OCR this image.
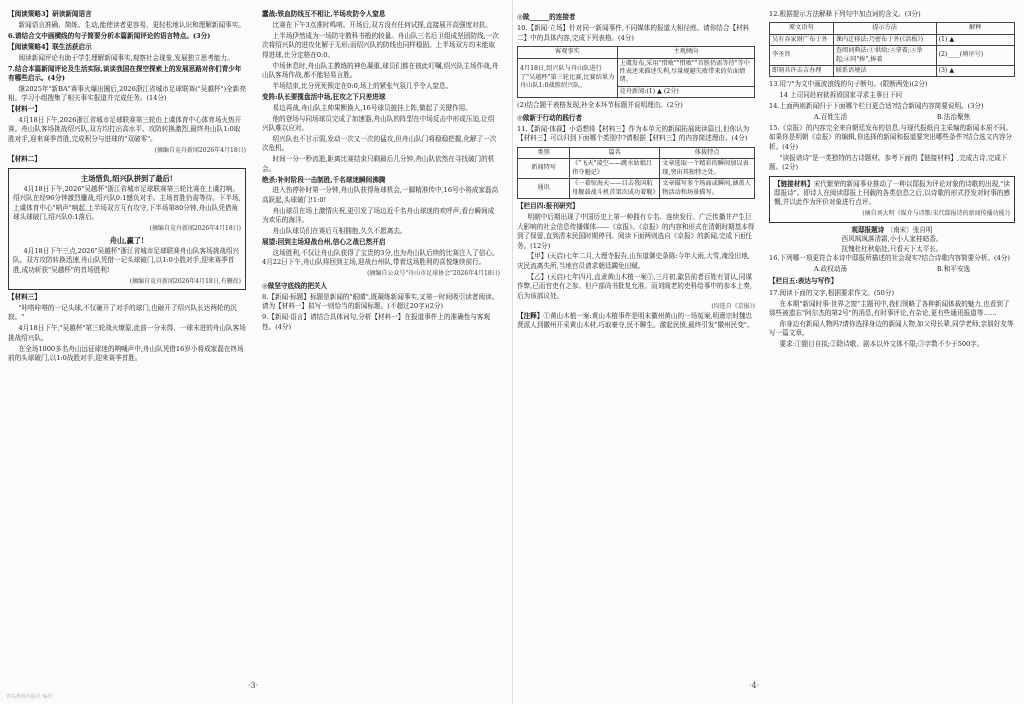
【阅读策略3】研读新闻语言

新闻语言准确、简练、生动,能使读者更容易、更轻松地认识和理解新闻事实。

6.请结合文中画横线的句子简要分析本篇新闻评论的语言特点。(3分)

【阅读策略4】联生活获启示

阅读新闻评论有助于学生理解新闻事实,观察社会现象,发展独立思考能力。

7.结合本篇新闻评论及生活实际,谈谈我国在探空探索上的发展思路对你们青少年有哪些启示。(4分)

继2025年"新BA"赛事火爆出圈后,2026浙江省城市足球联赛("吴越杯")全新亮相。学习小组搜集了相关事实报道并完成任务。(14分)

【材料一】

4月18日下午,2026浙江省城市足球联赛第三轮由上虞体育中心体育场火热开赛。舟山队客场挑战绍兴队,双方均打出高水平、攻防转换激烈,最终舟山队1:0取胜对手,迎来赛季首胜,完成积分与进球的"双破零"。

(摘编自竞舟新闻2026年4月18日)

【材料二】

主场惜负,绍兴队拼到了最后!

4月18日下午,2026"吴越杯"浙江省城市足球联赛第三轮比赛在上虞打响。绍兴队在经96分钟激烈鏖战,绍兴队0:1憾负对手。主场首胜仍需等待。下半场,上虞体育中心"哨声"响起,上半场双方互有攻守,下半场第80分钟,舟山队凭借角球头球破门,绍兴队0:1落后。

(摘编自竞舟新闻2026年4月18日)
舟山,赢了!

4月18日下午三点,2026"吴越杯"浙江省城市足球联赛舟山队客场挑战绍兴队。双方攻防转换迅速,舟山队凭借一记头球破门,以1:0小胜对手,迎来赛季首胜,成功斩获"吴越杯"的首场胜利!

(摘编自竞舟新闻2026年4月18日,有删改)

【材料三】

"咔嗒咔嗒的一记头球,不仅砸开了对手的球门,也砸开了绍兴队长达两轮的沉寂。"

4月18日下午,"吴越杯"第三轮战火燎原,此前一分未得、一球未进的舟山队客场挑战绍兴队。

在全场1000多名舟山远征球迷的呐喊声中,舟山队凭借16岁小将成家磊在终场前的头球破门,以1:0战胜对手,迎来赛季首胜。

蠢战:铁血防线互不相让,半场攻防令人窒息

比赛在下午3点准时鸣哨。开场后,双方没有任何试探,直接展开高强度对抗。

上半场伊然成为一场防守教科书般的较量。舟山队三名后卫组成坚固防线,一次次将绍兴队的进攻化解于无形;而绍兴队的防线也同样稳固。上半场双方均未能取得进球,比分定格在0:0。

中场休息时,舟山队主教练的神色凝重,球员们都在彼此叮嘱,绍兴队主场作战,舟山队客场作战,都不能轻易言胜。

半场结束,比分死死锁定在0:0,场上的紧张气氛几乎令人窒息。

变阵:队长要揽盘活中场,狂攻之下只差进球

易边再战,舟山队主帅果断换人,16号球员披挂上阵,做起了关键作用。

他的登场与同场球员完成了加速器,舟山队的阵型在中场反击中形成压迫,让绍兴队难以应对。

绍兴队也不甘示弱,发动一次又一次的猛攻,但舟山队门将稳稳把握,化解了一次次危机。

时间一分一秒流逝,距离比赛结束只剩最后几分钟,舟山队依然在寻找破门的机会。

绝杀:补时阶段一击制胜,千名球迷瞬间沸腾

进入伤停补时第一分钟,舟山队获得角球机会,一脚精准传中,16号小将成家磊高高跃起,头球破门!1:0!

舟山球员在场上激情庆祝,更引发了场边近千名舟山球迷的欢呼声,看台瞬间成为欢乐的海洋。

舟山队球员们在赛后互相拥抱,久久不愿离去。

展望:回到主场迎战台州,信心之战已然开启

这场胜利,不仅让舟山队获得了宝贵的3分,也为舟山队后续的比赛注入了信心。4月22日下午,舟山队将回到主场,迎战台州队,带着这场胜利的喜悦继续前行。

(摘编自公众号"舟山市足球协会"2026年4月18日)
◎做坚守底线的把关人

8.【新闻·标题】标题是新闻的"眼睛",既凝练新闻事实,又第一时间吸引读者阅读。请为【材料一】拟写一则恰当的新闻标题。(不超过20字)(2分)

9.【新闻·语言】请结合具体词句,分析【材料一】在报道事件上的准确性与客观性。(4分)

·3·
青岛教科出版社 编印
◎做______的连接者

10.【新闻·立场】针对同一新闻事件,不同媒体的报道大相径庭。请你结合【材料二】中的具体内容,完成下列表格。(4分)

客观事实	主观倾向
4月18日,绍兴队与舟山队进行了"吴越杯"第三轮比赛,比赛结果为舟山队1:0战胜绍兴队。	上虞发布,采用"惜败""惜败""首胜仍需等待"等中性表述来描述失利,尽量规避失败带来的负面情绪。
	竞舟新闻:(1) ▲ (2分)

(2)结合题干表格发现,补全本环节标题并说明理由。(2分)

◎做新于行动的践行者

11.【新闻·体裁】小语想将【材料三】作为本单元的新闻拓展阅读篇目,但你认为【材料三】可以归到下面哪个类别中?请根据【材料三】的内容简述理由。(4分)

类别	篇名	体裁特点
新闻特写	《"飞天"凌空——跳水姑娘吕伟夺魁记》	文章选取一个精彩的瞬间加以表现,突出其独特之处。
通讯	《一着惊海天——目击我国航母舰载战斗机首架次成功着舰》	文章描写多个场面或瞬间,涵盖人物活动和场景描写。
【栏目四:报刊研究】

明朝中后期出现了中国历史上第一种拥有专名、连续发行、广泛传播并产生巨大影响的社会信息传播媒体——《京报》。《京报》的内容和形式在清朝时期基本得到了保留,直到清末民国时期停刊。阅读下面两则选自《京报》的新闻,完成下面任务。(12分)

【甲】(天启)七年二月,大理寺报告,山东道御史条陈:今年大雨,大雪,淹没田地,灾民流离失所,当地官员请求朝廷蠲免田赋。

【乙】(天启)七年四月,直隶黄山木植一案①,三月初,歙县前者百姓有冒认,同谋作弊,已而官吏有之参。但户部尚书批复允准。而刘阁老的吏科给事中的参本上奏,后为该部议处。

(均选自《京报》)

【注释】①黄山木植一案:黄山木植事件是明末徽州黄山的一场冤案,明熹宗时魏忠贤派人到徽州开采黄山木材,巧取豪夺,民不聊生。激起民愤,最终引发"徽州民变"。

12.根据提示方法解释下列句中加点词的含义。(3分)

原文语句	提示方法	解释
吴有吞家财广布于外	课内迁移法:乃密布于外(《活板》)	(1) ▲
李圣旨	查阅词典法:①供给;②拿着;③举起;④同"捧",捧着	(2)____(填序号)
即刻具许击吉办理	联系语境法	(3) ▲

13.用"/"为文中画波浪线的句子断句。(限断两处)(2分)

14 上司同赴府狱拆毁国家寻求主事日下问

14.上面两则新闻归于下面哪个栏目更合适?结合新闻内容简要说明。(3分)

A.百姓生活	B.法治聚焦

15.《京报》的内容完全来自朝廷发布的信息,与现代报纸自主采编的新闻本质不同。如果你是明朝《京报》的编辑,你选择的新闻和报道要突出哪些条件?结合选文内容分析。(4分)

"读报谱诗"是一类独特的古诗题材。参考下面的【链接材料】,完成古诗,完成下题。(2分)

【链接材料】宋代繁荣的新闻事业推动了一种以邸报为评论对象的诗歌的出现,"读邸报诗"。即诗人在阅读邸报上刊载的各类信息之后,以诗歌的形式抒发对时事的感慨,并以此作为评价对象进行点评。

(摘自刘大明《媒介与诗歌:宋代邸报诗的新闻传播功能》)
观邸报题诗 〔南宋〕张自明
西风飒飒落清霜,小小人家桂暗香。
抚愧杜杜秋临处,只看天下太平长。

16.下列哪一项更符合本诗中邸报所描述的社会现实?结合诗歌内容简要分析。(4分)

A.政权动荡	B.和平安逸

【栏目五:表达与写作】

17.阅读下面的文字,根据要求作文。(50分)

在本期"新闻时事·世界之窗"主题刊中,我们领略了各种新闻体裁的魅力,也看到了那些被遗忘"阿尔杰的第2号"的消息,有时事评论,有杂论,更有些通讯报道等……

你身边有新闻人物吗?请你选择身边的新闻人物,如父母长辈,同学老师,亲朋好友等写一篇文章。

要求:①题目自拟;②除诗歌、剧本以外文体不限;③字数不少于500字。

·4·
